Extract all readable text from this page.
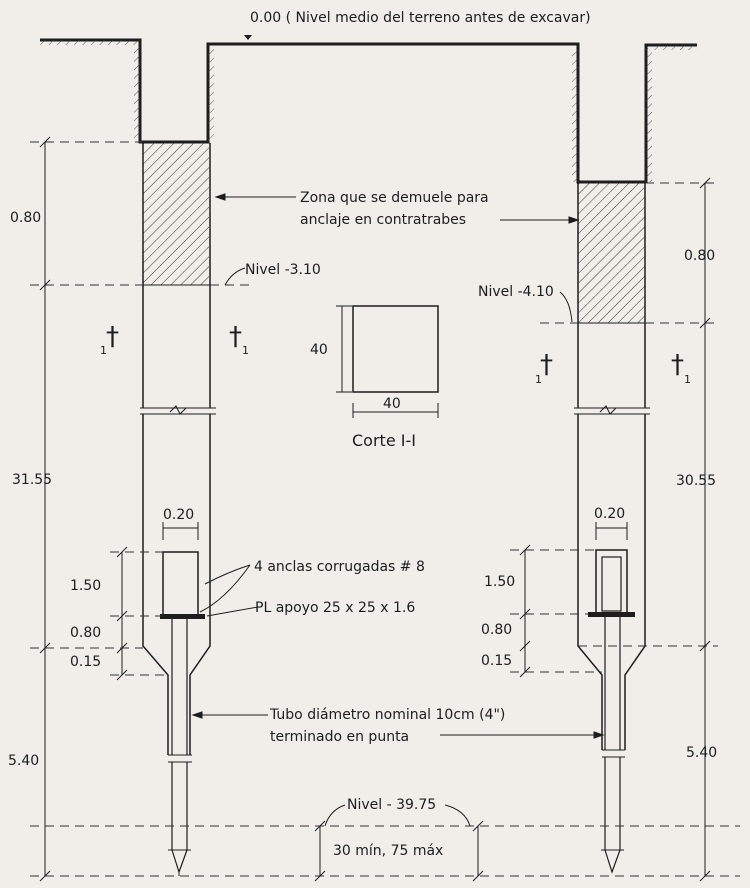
0.00 ( Nivel medio del terreno antes de excavar)
Zona que se demuele para
anclaje en contratrabes
Nivel -3.10
Nivel -4.10
0.80
31.55
1.50
0.80
0.15
5.40
0.20
0.80
30.55
1.50
0.80
0.15
5.40
0.20
†
1	† 1	†
1	† 1
40
40
Corte I-I
4 anclas corrugadas # 8
PL apoyo 25 x 25 x 1.6
Tubo diámetro nominal 10cm (4")
terminado en punta
Nivel - 39.75
30 mín, 75 máx
